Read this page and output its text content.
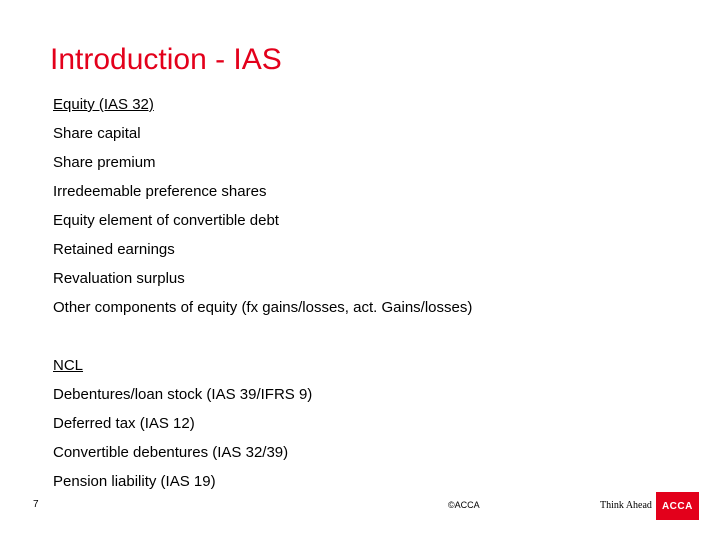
Introduction - IAS
Equity (IAS 32)
Share capital
Share premium
Irredeemable preference shares
Equity element of convertible debt
Retained earnings
Revaluation surplus
Other components of equity (fx gains/losses, act. Gains/losses)
NCL
Debentures/loan stock (IAS 39/IFRS 9)
Deferred tax (IAS 12)
Convertible debentures (IAS 32/39)
Pension liability (IAS 19)
7	©ACCA	Think Ahead	ACCA
